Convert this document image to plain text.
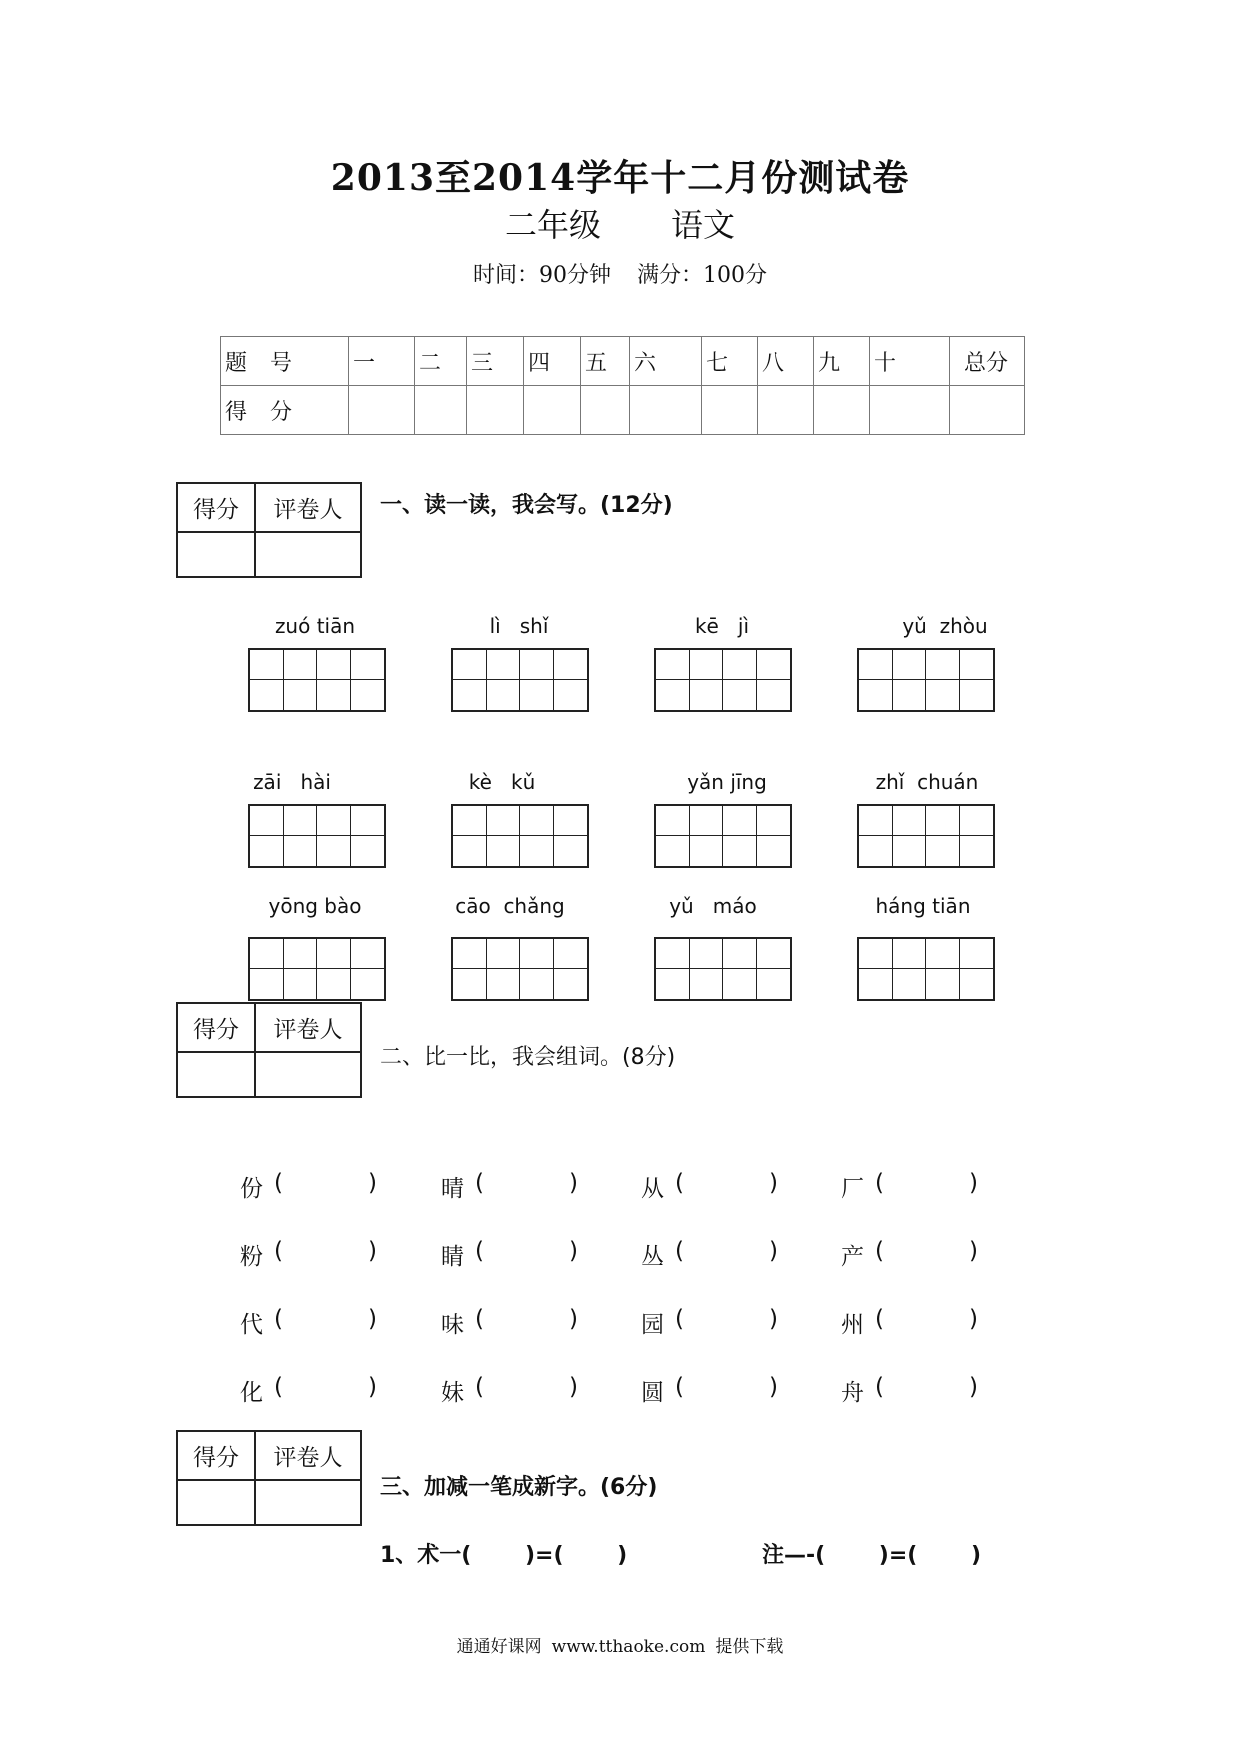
2013至2014学年十二月份测试卷
二年级 语文
时间：90分钟 满分：100分
题 号	一	二	三	四	五	六	七	八	九	十	总分
得 分											
得分	评卷人	一、读一读，我会写。(12分)
zuó tiān	lì   shǐ	kē   jì	yǔ  zhòu
zāi   hài	kè   kǔ	yǎn jīng	zhǐ  chuán
yōng bào	cāo  chǎng	yǔ   máo	háng tiān
得分	评卷人
二、比一比，我会组词。(8分)
份 (	)	晴 (	)	从 (	)	厂 (	)
粉 (	)	睛 (	)	丛 (	)	产 (	)
代 (	)	味 (	)	园 (	)	州 (	)
化 (	)	妹 (	)	圆 (	)	舟 (	)
得分	评卷人
三、加减一笔成新字。(6分)
1、术一(       )=(       )	注—-(       )=(       )
通通好课网 www.tthaoke.com 提供下载
